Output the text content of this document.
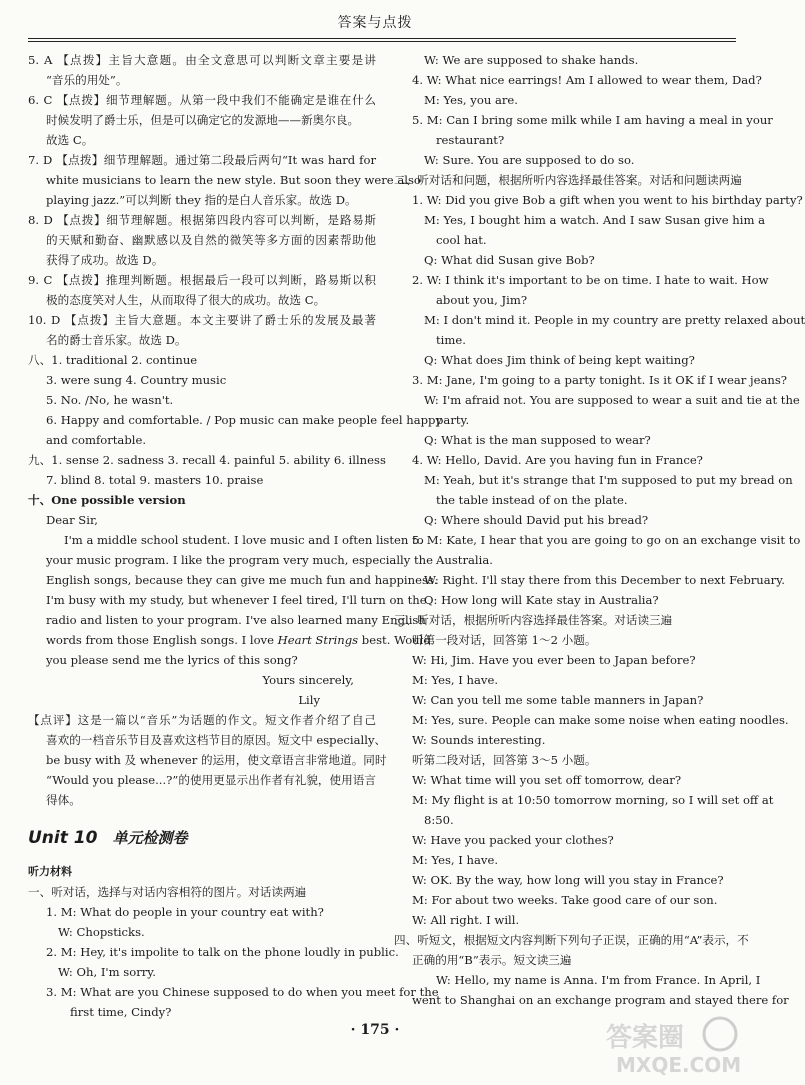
答案与点拨
5. A 【点拨】主旨大意题。由全文意思可以判断文章主要是讲
“音乐的用处”。
6. C 【点拨】细节理解题。从第一段中我们不能确定是谁在什么
时候发明了爵士乐，但是可以确定它的发源地——新奥尔良。
故选 C。
7. D 【点拨】细节理解题。通过第二段最后两句“It was hard for
white musicians to learn the new style. But soon they were also
playing jazz.”可以判断 they 指的是白人音乐家。故选 D。
8. D 【点拨】细节理解题。根据第四段内容可以判断，是路易斯
的天赋和勤奋、幽默感以及自然的微笑等多方面的因素帮助他
获得了成功。故选 D。
9. C 【点拨】推理判断题。根据最后一段可以判断，路易斯以积
极的态度笑对人生，从而取得了很大的成功。故选 C。
10. D 【点拨】主旨大意题。本文主要讲了爵士乐的发展及最著
名的爵士音乐家。故选 D。
八、1. traditional 2. continue
3. were sung 4. Country music
5. No. /No, he wasn't.
6. Happy and comfortable. / Pop music can make people feel happy
and comfortable.
九、1. sense 2. sadness 3. recall 4. painful 5. ability 6. illness
7. blind 8. total 9. masters 10. praise
十、One possible version
Dear Sir,
I'm a middle school student. I love music and I often listen to
your music program. I like the program very much, especially the
English songs, because they can give me much fun and happiness.
I'm busy with my study, but whenever I feel tired, I'll turn on the
radio and listen to your program. I've also learned many English
words from those English songs. I love Heart Strings best. Would
you please send me the lyrics of this song?
Yours sincerely,
Lily
【点评】这是一篇以“音乐”为话题的作文。短文作者介绍了自己
喜欢的一档音乐节目及喜欢这档节目的原因。短文中 especially、
be busy with 及 whenever 的运用，使文章语言非常地道。同时
“Would you please...?”的使用更显示出作者有礼貌，使用语言
得体。
Unit 10 单元检测卷
听力材料
一、听对话，选择与对话内容相符的图片。对话读两遍
1. M: What do people in your country eat with?
W: Chopsticks.
2. M: Hey, it's impolite to talk on the phone loudly in public.
W: Oh, I'm sorry.
3. M: What are you Chinese supposed to do when you meet for the
first time, Cindy?
W: We are supposed to shake hands.
4. W: What nice earrings! Am I allowed to wear them, Dad?
M: Yes, you are.
5. M: Can I bring some milk while I am having a meal in your
restaurant?
W: Sure. You are supposed to do so.
二、听对话和问题，根据所听内容选择最佳答案。对话和问题读两遍
1. W: Did you give Bob a gift when you went to his birthday party?
M: Yes, I bought him a watch. And I saw Susan give him a
cool hat.
Q: What did Susan give Bob?
2. W: I think it's important to be on time. I hate to wait. How
about you, Jim?
M: I don't mind it. People in my country are pretty relaxed about
time.
Q: What does Jim think of being kept waiting?
3. M: Jane, I'm going to a party tonight. Is it OK if I wear jeans?
W: I'm afraid not. You are supposed to wear a suit and tie at the
party.
Q: What is the man supposed to wear?
4. W: Hello, David. Are you having fun in France?
M: Yeah, but it's strange that I'm supposed to put my bread on
the table instead of on the plate.
Q: Where should David put his bread?
5. M: Kate, I hear that you are going to go on an exchange visit to
Australia.
W: Right. I'll stay there from this December to next February.
Q: How long will Kate stay in Australia?
三、听对话，根据所听内容选择最佳答案。对话读三遍
听第一段对话，回答第 1～2 小题。
W: Hi, Jim. Have you ever been to Japan before?
M: Yes, I have.
W: Can you tell me some table manners in Japan?
M: Yes, sure. People can make some noise when eating noodles.
W: Sounds interesting.
听第二段对话，回答第 3～5 小题。
W: What time will you set off tomorrow, dear?
M: My flight is at 10:50 tomorrow morning, so I will set off at
8:50.
W: Have you packed your clothes?
M: Yes, I have.
W: OK. By the way, how long will you stay in France?
M: For about two weeks. Take good care of our son.
W: All right. I will.
四、听短文，根据短文内容判断下列句子正误，正确的用“A”表示，不
正确的用“B”表示。短文读三遍
W: Hello, my name is Anna. I'm from France. In April, I
went to Shanghai on an exchange program and stayed there for
· 175 ·	答案圈
MXQE.COM
